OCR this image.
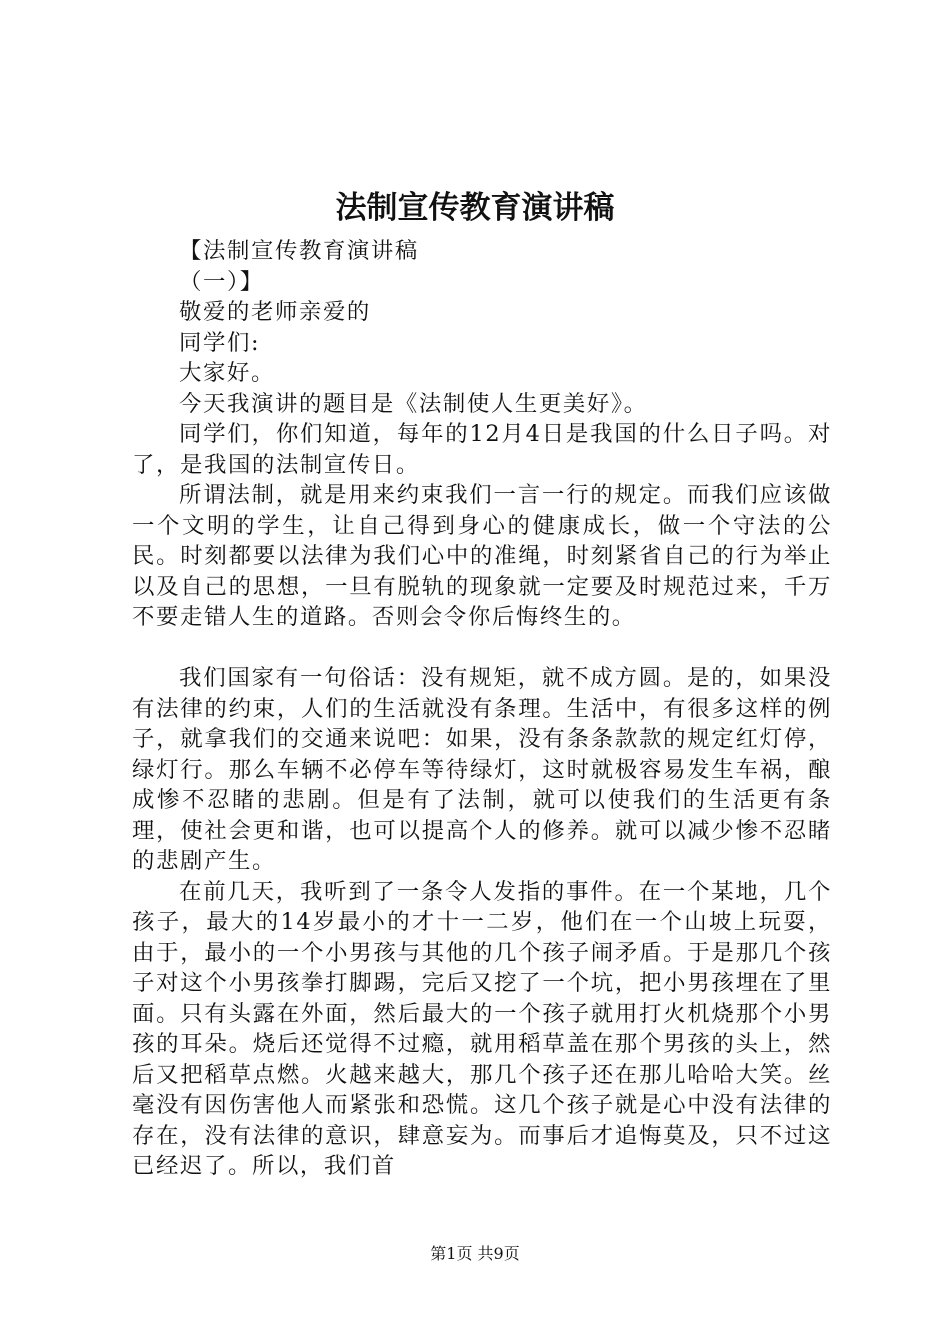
法制宣传教育演讲稿

【法制宣传教育演讲稿

（一）】

敬爱的老师亲爱的

同学们:

大家好。

今天我演讲的题目是《法制使人生更美好》。

同学们，你们知道，每年的12月4日是我国的什么日子吗。对了，是我国的法制宣传日。

所谓法制，就是用来约束我们一言一行的规定。而我们应该做一个文明的学生，让自己得到身心的健康成长，做一个守法的公民。时刻都要以法律为我们心中的准绳，时刻紧省自己的行为举止以及自己的思想，一旦有脱轨的现象就一定要及时规范过来，千万不要走错人生的道路。否则会令你后悔终生的。

我们国家有一句俗话：没有规矩，就不成方圆。是的，如果没有法律的约束，人们的生活就没有条理。生活中，有很多这样的例子，就拿我们的交通来说吧：如果，没有条条款款的规定红灯停，绿灯行。那么车辆不必停车等待绿灯，这时就极容易发生车祸，酿成惨不忍睹的悲剧。但是有了法制，就可以使我们的生活更有条理，使社会更和谐，也可以提高个人的修养。就可以减少惨不忍睹的悲剧产生。

在前几天，我听到了一条令人发指的事件。在一个某地，几个孩子，最大的14岁最小的才十一二岁，他们在一个山坡上玩耍，由于，最小的一个小男孩与其他的几个孩子闹矛盾。于是那几个孩子对这个小男孩拳打脚踢，完后又挖了一个坑，把小男孩埋在了里面。只有头露在外面，然后最大的一个孩子就用打火机烧那个小男孩的耳朵。烧后还觉得不过瘾，就用稻草盖在那个男孩的头上，然后又把稻草点燃。火越来越大，那几个孩子还在那儿哈哈大笑。丝毫没有因伤害他人而紧张和恐慌。这几个孩子就是心中没有法律的存在，没有法律的意识，肆意妄为。而事后才追悔莫及，只不过这已经迟了。所以，我们首

第1页 共9页
